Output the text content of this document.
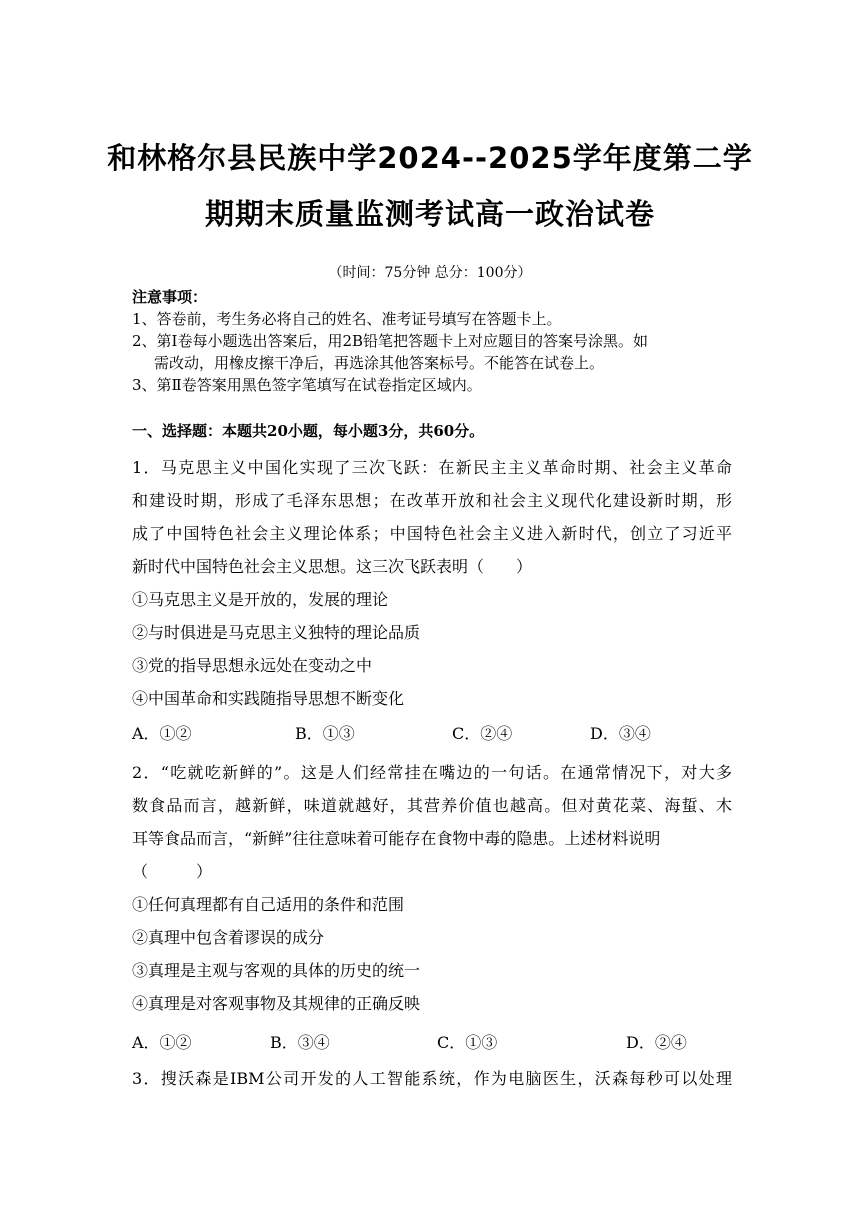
和林格尔县民族中学2024--2025学年度第二学
期期末质量监测考试高一政治试卷
（时间：75分钟 总分：100分）
注意事项：
1、答卷前，考生务必将自己的姓名、准考证号填写在答题卡上。
2、第Ⅰ卷每小题选出答案后，用2B铅笔把答题卡上对应题目的答案号涂黑。如
需改动，用橡皮擦干净后，再选涂其他答案标号。不能答在试卷上。
3、第Ⅱ卷答案用黑色签字笔填写在试卷指定区域内。
一、选择题：本题共20小题，每小题3分，共60分。
1．马克思主义中国化实现了三次飞跃：在新民主主义革命时期、社会主义革命
和建设时期，形成了毛泽东思想；在改革开放和社会主义现代化建设新时期，形
成了中国特色社会主义理论体系；中国特色社会主义进入新时代，创立了习近平
新时代中国特色社会主义思想。这三次飞跃表明（　　）
①马克思主义是开放的，发展的理论
②与时俱进是马克思主义独特的理论品质
③党的指导思想永远处在变动之中
④中国革命和实践随指导思想不断变化
A．①②	B．①③	C．②④	D．③④
2．“吃就吃新鲜的”。这是人们经常挂在嘴边的一句话。在通常情况下，对大多
数食品而言，越新鲜，味道就越好，其营养价值也越高。但对黄花菜、海蜇、木
耳等食品而言，“新鲜”往往意味着可能存在食物中毒的隐患。上述材料说明
（　　　）
①任何真理都有自己适用的条件和范围
②真理中包含着谬误的成分
③真理是主观与客观的具体的历史的统一
④真理是对客观事物及其规律的正确反映
A．①②	B．③④	C．①③	D．②④
3．搜沃森是IBM公司开发的人工智能系统，作为电脑医生，沃森每秒可以处理
